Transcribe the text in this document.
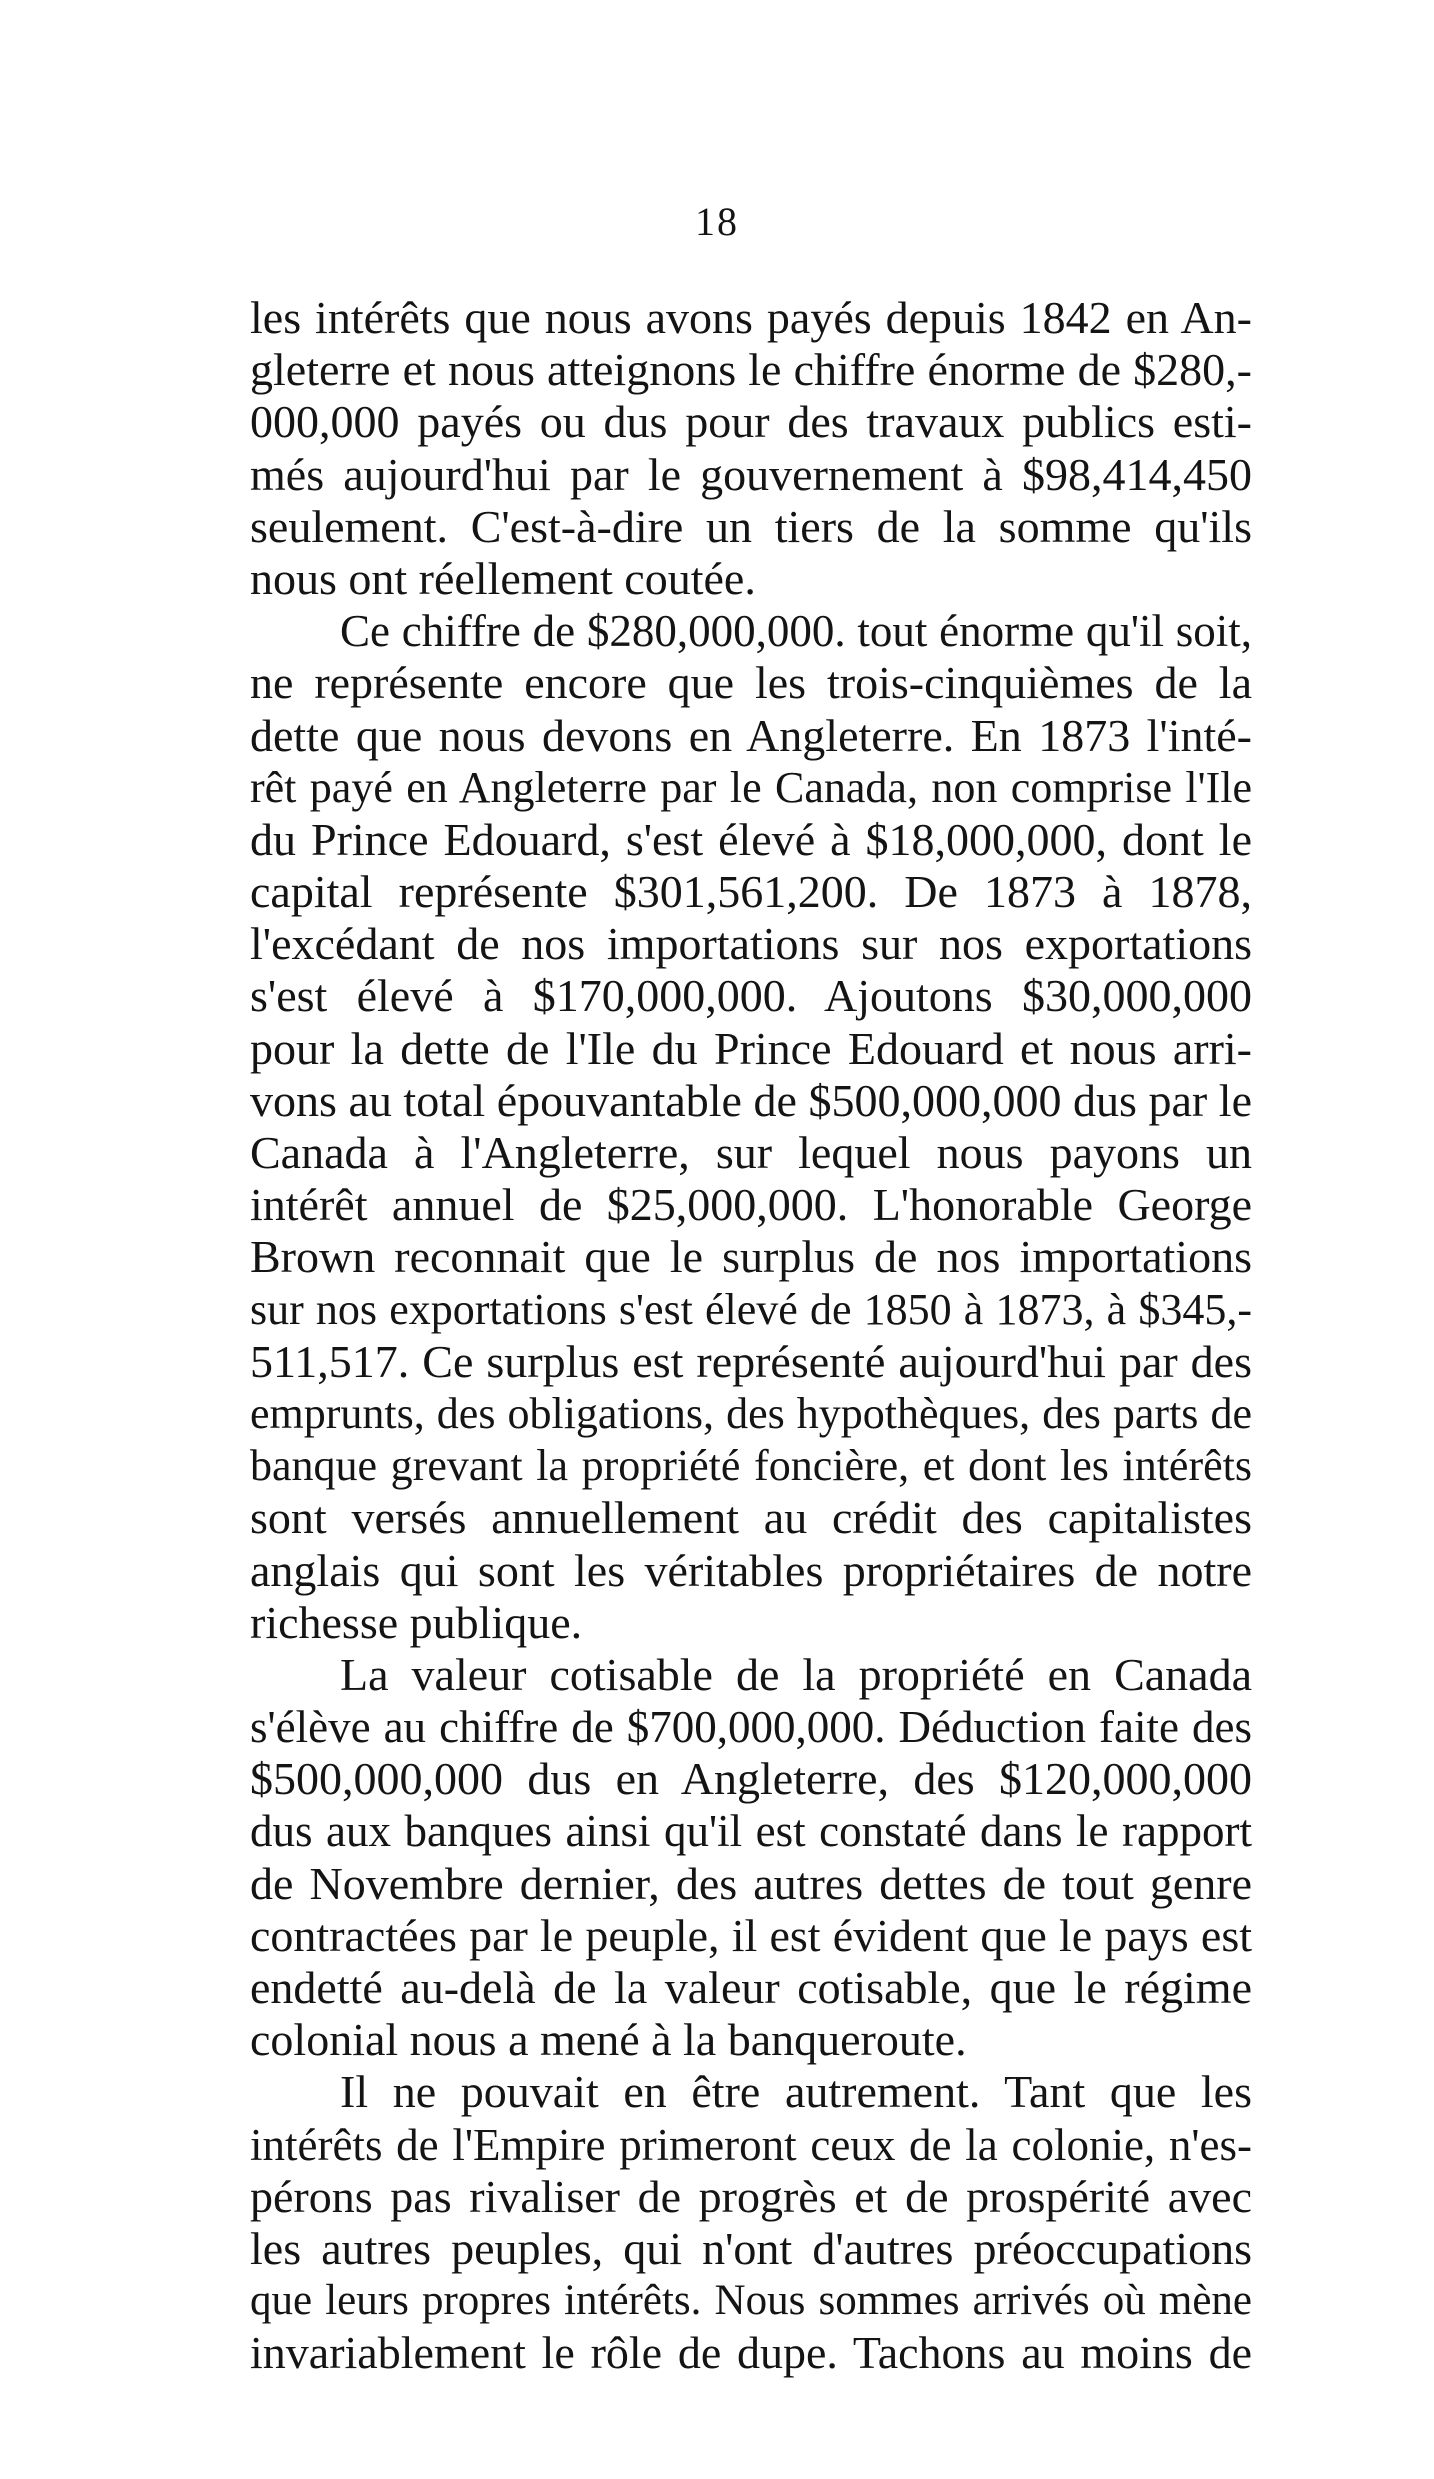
18
les intérêts que nous avons payés depuis 1842 en An-
gleterre et nous atteignons le chiffre énorme de $280,-
000,000 payés ou dus pour des travaux publics esti-
més aujourd'hui par le gouvernement à $98,414,450
seulement. C'est-à-dire un tiers de la somme qu'ils
nous ont réellement coutée.
Ce chiffre de $280,000,000. tout énorme qu'il soit,
ne représente encore que les trois-cinquièmes de la
dette que nous devons en Angleterre. En 1873 l'inté-
rêt payé en Angleterre par le Canada, non comprise l'Ile
du Prince Edouard, s'est élevé à $18,000,000, dont le
capital représente $301,561,200. De 1873 à 1878,
l'excédant de nos importations sur nos exportations
s'est élevé à $170,000,000. Ajoutons $30,000,000
pour la dette de l'Ile du Prince Edouard et nous arri-
vons au total épouvantable de $500,000,000 dus par le
Canada à l'Angleterre, sur lequel nous payons un
intérêt annuel de $25,000,000. L'honorable George
Brown reconnait que le surplus de nos importations
sur nos exportations s'est élevé de 1850 à 1873, à $345,-
511,517. Ce surplus est représenté aujourd'hui par des
emprunts, des obligations, des hypothèques, des parts de
banque grevant la propriété foncière, et dont les intérêts
sont versés annuellement au crédit des capitalistes
anglais qui sont les véritables propriétaires de notre
richesse publique.
La valeur cotisable de la propriété en Canada
s'élève au chiffre de $700,000,000. Déduction faite des
$500,000,000 dus en Angleterre, des $120,000,000
dus aux banques ainsi qu'il est constaté dans le rapport
de Novembre dernier, des autres dettes de tout genre
contractées par le peuple, il est évident que le pays est
endetté au-delà de la valeur cotisable, que le régime
colonial nous a mené à la banqueroute.
Il ne pouvait en être autrement. Tant que les
intérêts de l'Empire primeront ceux de la colonie, n'es-
pérons pas rivaliser de progrès et de prospérité avec
les autres peuples, qui n'ont d'autres préoccupations
que leurs propres intérêts. Nous sommes arrivés où mène
invariablement le rôle de dupe. Tachons au moins de
